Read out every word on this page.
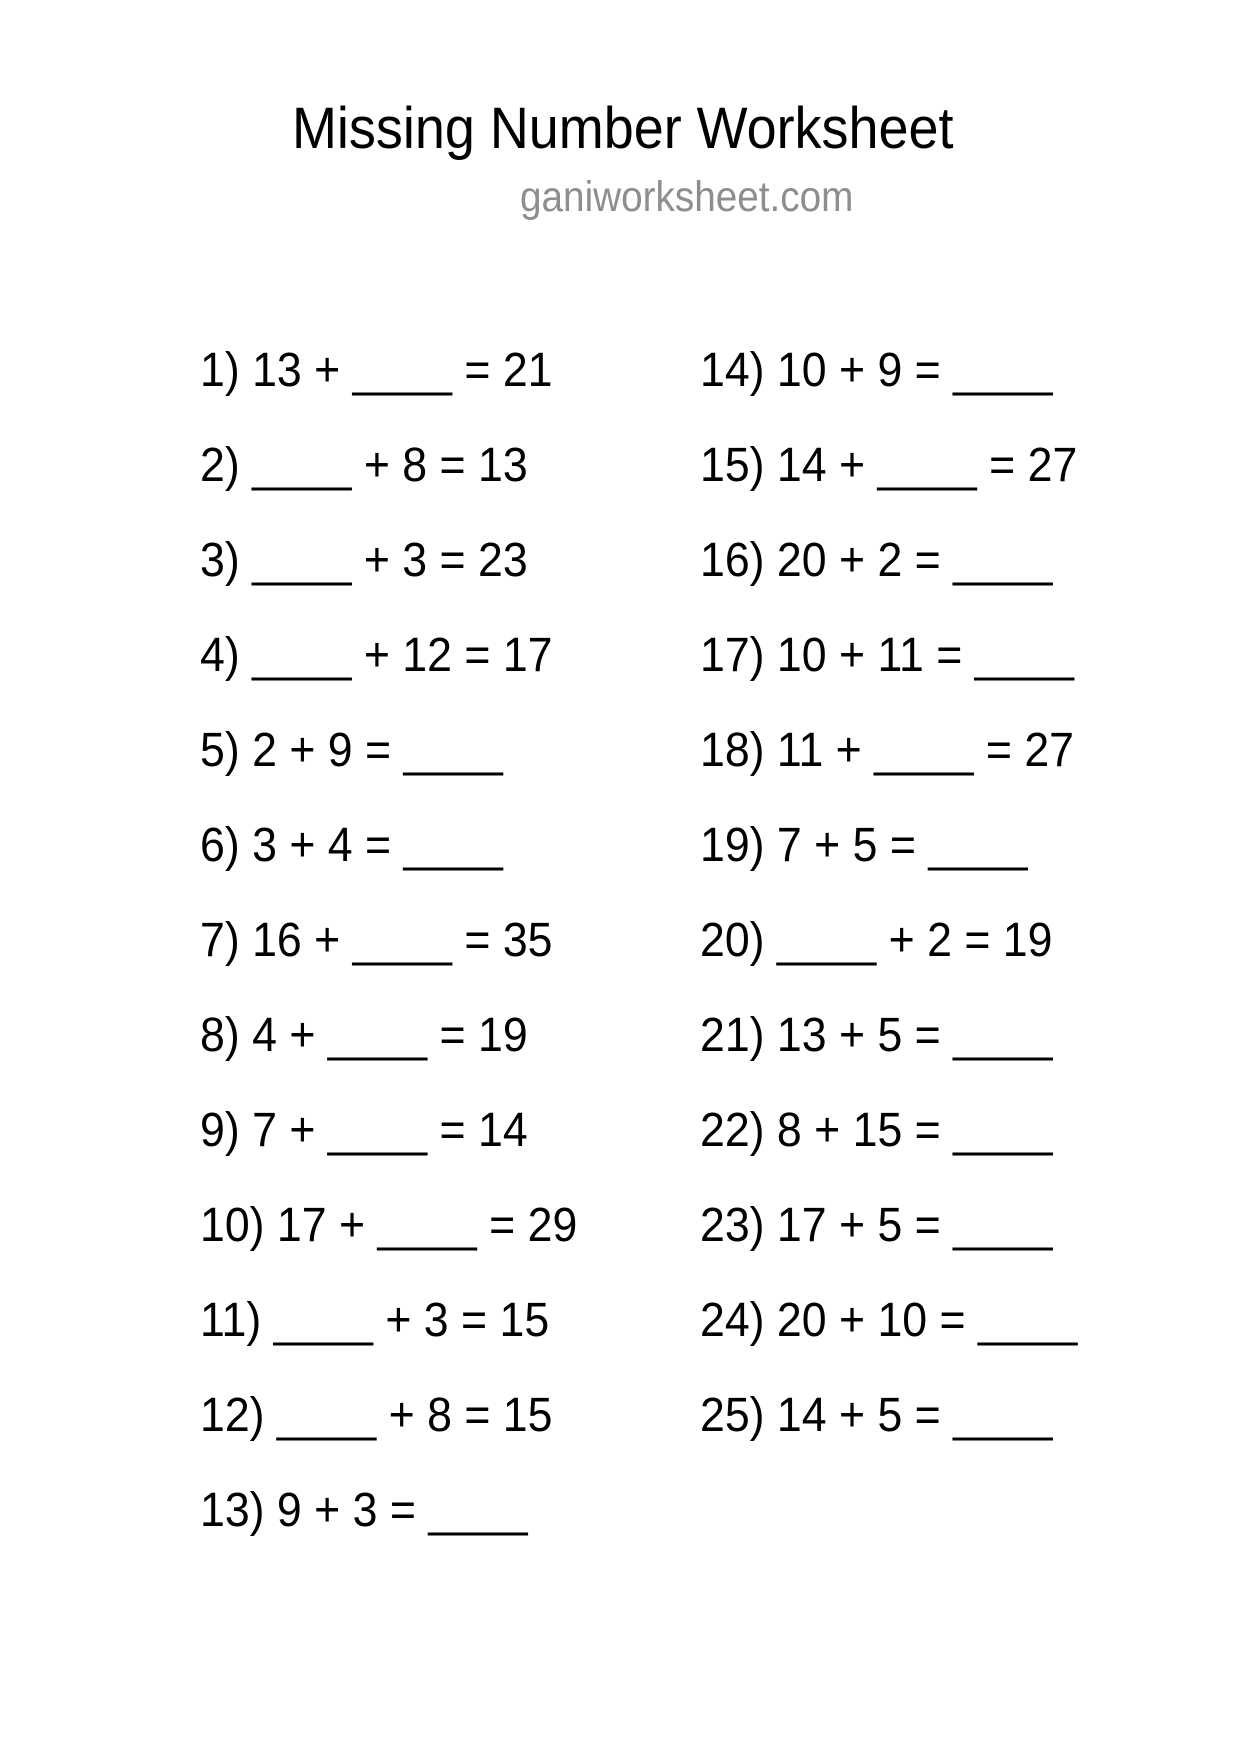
Missing Number Worksheet
ganiworksheet.com
1) 13 + ____ = 21
2) ____ + 8 = 13
3) ____ + 3 = 23
4) ____ + 12 = 17
5) 2 + 9 = ____
6) 3 + 4 = ____
7) 16 + ____ = 35
8) 4 + ____ = 19
9) 7 + ____ = 14
10) 17 + ____ = 29
11) ____ + 3 = 15
12) ____ + 8 = 15
13) 9 + 3 = ____
14) 10 + 9 = ____
15) 14 + ____ = 27
16) 20 + 2 = ____
17) 10 + 11 = ____
18) 11 + ____ = 27
19) 7 + 5 = ____
20) ____ + 2 = 19
21) 13 + 5 = ____
22) 8 + 15 = ____
23) 17 + 5 = ____
24) 20 + 10 = ____
25) 14 + 5 = ____
